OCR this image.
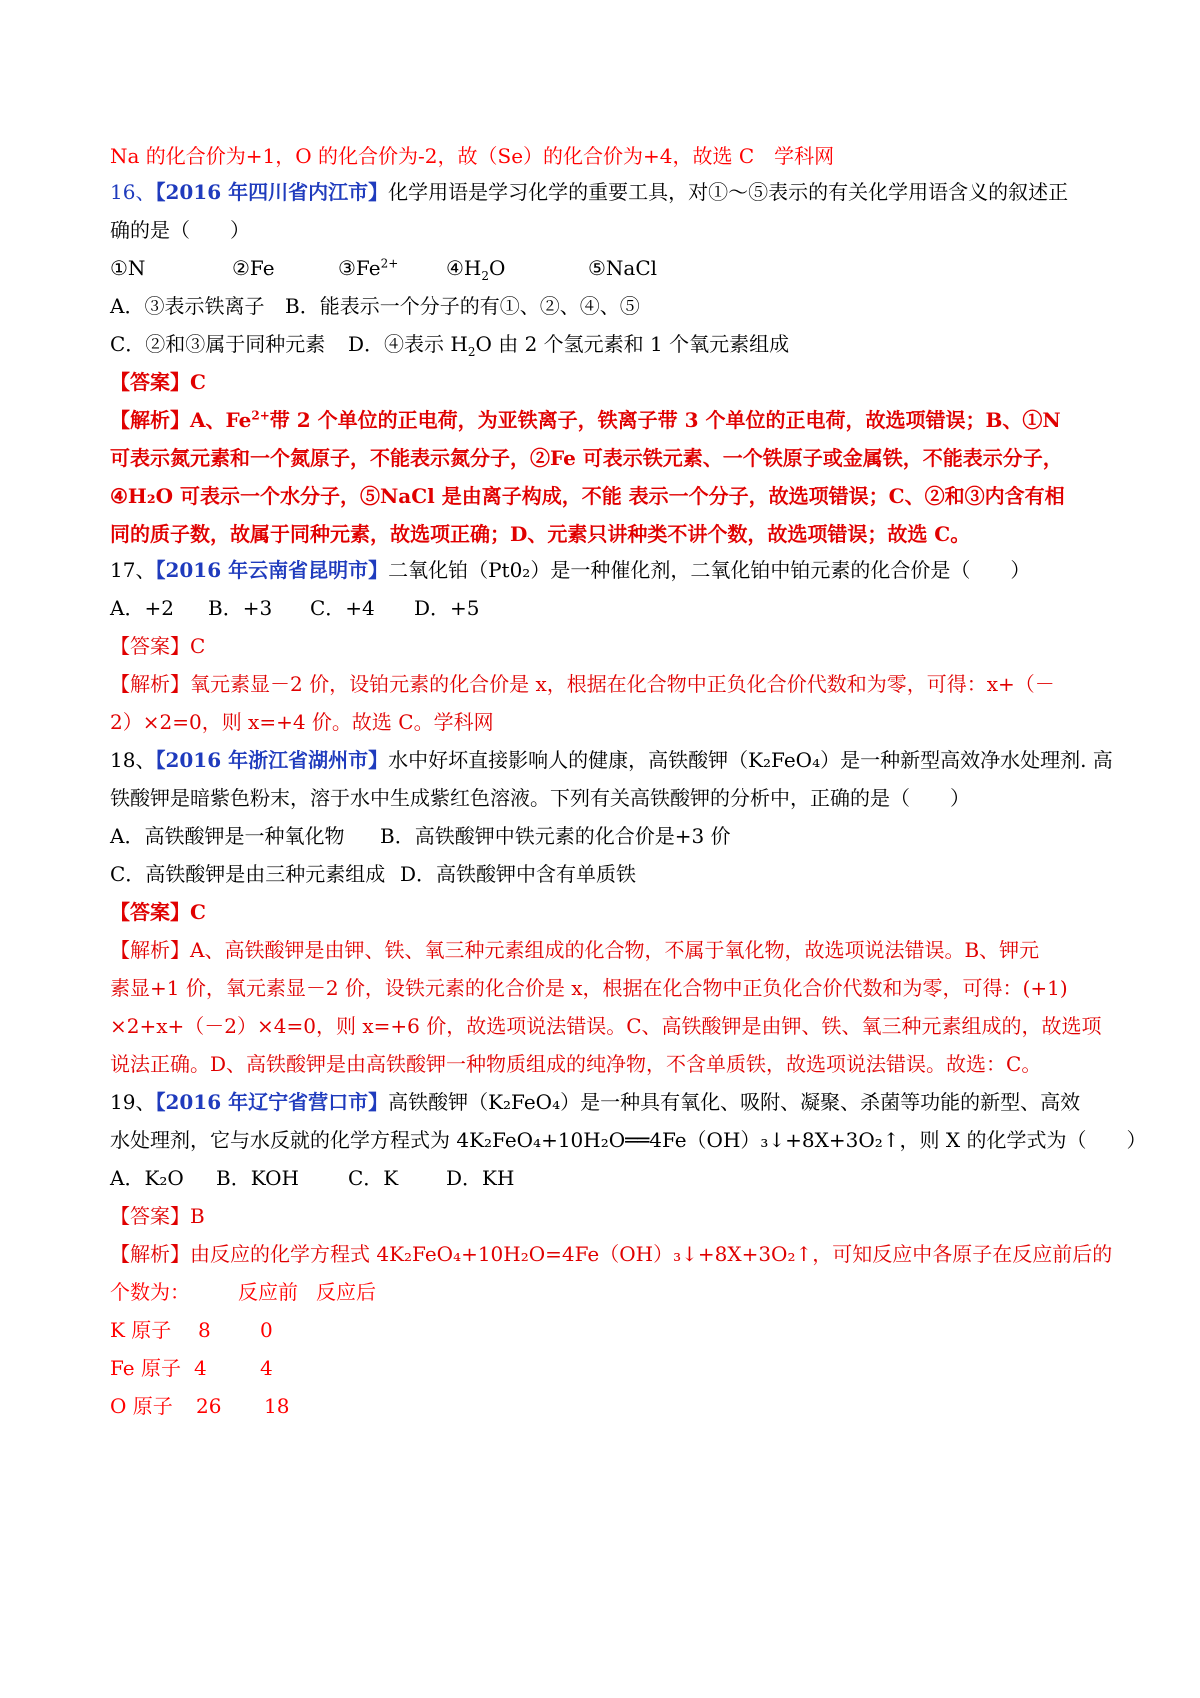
Na 的化合价为+1，O 的化合价为-2，故（Se）的化合价为+4，故选 C　学科网
16、【2016 年四川省内江市】化学用语是学习化学的重要工具，对①～⑤表示的有关化学用语含义的叙述正
确的是（　　）
①N	②Fe	$③Fe^{2+}$ $④H_2O$	⑤NaCl
A．③表示铁离子 B．能表示一个分子的有①、②、④、⑤
C．②和③属于同种元素 D．④表示 $H_2O$ 由 2 个氢元素和 1 个氧元素组成
【答案】C
【解析】A、$Fe^{2+}$带 2 个单位的正电荷，为亚铁离子，铁离子带 3 个单位的正电荷，故选项错误；B、①N
可表示氮元素和一个氮原子，不能表示氮分子，②Fe 可表示铁元素、一个铁原子或金属铁，不能表示分子，
④H₂O 可表示一个水分子，⑤NaCl 是由离子构成，不能 表示一个分子，故选项错误；C、②和③内含有相
同的质子数，故属于同种元素，故选项正确；D、元素只讲种类不讲个数，故选项错误；故选 C。
17、【2016 年云南省昆明市】二氧化铂（Pt0₂）是一种催化剂，二氧化铂中铂元素的化合价是（　　）
A．+2 B．+3 C．+4 D．+5
【答案】C
【解析】氧元素显－2 价，设铂元素的化合价是 x，根据在化合物中正负化合价代数和为零，可得：x+（－
2）×2=0，则 x=+4 价。故选 C。学科网
18、【2016 年浙江省湖州市】水中好坏直接影响人的健康，高铁酸钾（K₂FeO₄）是一种新型高效净水处理剂. 高
铁酸钾是暗紫色粉末，溶于水中生成紫红色溶液。下列有关高铁酸钾的分析中，正确的是（　　）
A．高铁酸钾是一种氧化物 B．高铁酸钾中铁元素的化合价是+3 价
C．高铁酸钾是由三种元素组成 D．高铁酸钾中含有单质铁
【答案】C
【解析】A、高铁酸钾是由钾、铁、氧三种元素组成的化合物，不属于氧化物，故选项说法错误。B、钾元
素显+1 价，氧元素显－2 价，设铁元素的化合价是 x，根据在化合物中正负化合价代数和为零，可得：(+1)
×2+x+（－2）×4=0，则 x=+6 价，故选项说法错误。C、高铁酸钾是由钾、铁、氧三种元素组成的，故选项
说法正确。D、高铁酸钾是由高铁酸钾一种物质组成的纯净物，不含单质铁，故选项说法错误。故选：C。
19、【2016 年辽宁省营口市】高铁酸钾（K₂FeO₄）是一种具有氧化、吸附、凝聚、杀菌等功能的新型、高效
水处理剂，它与水反就的化学方程式为 4K₂FeO₄+10H₂O══4Fe（OH）₃↓+8X+3O₂↑，则 X 的化学式为（　　）
A．K₂O B．KOH C．K D．KH
【答案】B
【解析】由反应的化学方程式 4K₂FeO₄+10H₂O=4Fe（OH）₃↓+8X+3O₂↑，可知反应中各原子在反应前后的
个数为： 反应前 反应后
K 原子 8 0
Fe 原子 4	4
O 原子 26 18
